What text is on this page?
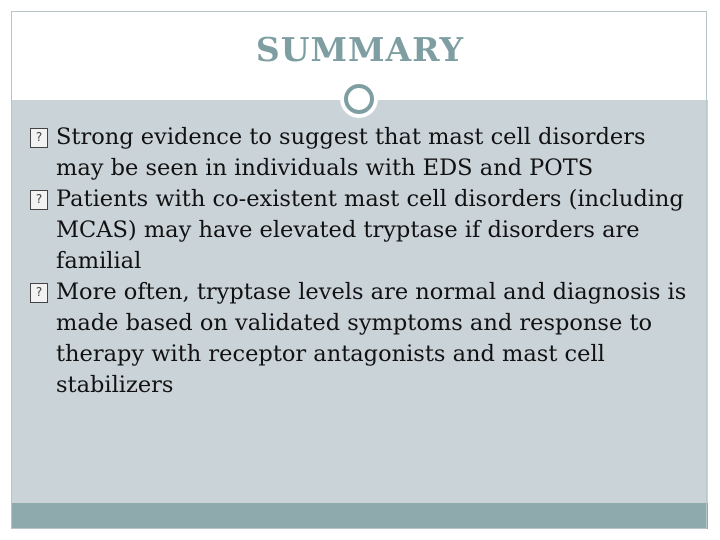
SUMMARY
? Strong evidence to suggest that mast cell disorders may be seen in individuals with EDS and POTS
? Patients with co-existent mast cell disorders (including MCAS) may have elevated tryptase if disorders are familial
? More often, tryptase levels are normal and diagnosis is made based on validated symptoms and response to therapy with receptor antagonists and mast cell stabilizers
